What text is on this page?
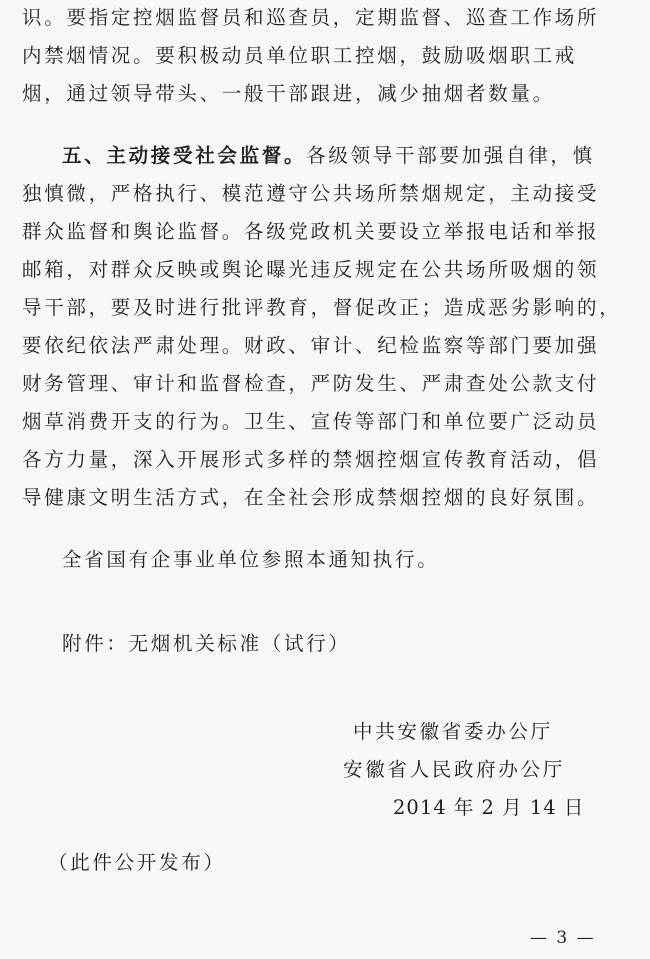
识。要指定控烟监督员和巡查员，定期监督、巡查工作场所
内禁烟情况。要积极动员单位职工控烟，鼓励吸烟职工戒
烟，通过领导带头、一般干部跟进，减少抽烟者数量。
五、主动接受社会监督。各级领导干部要加强自律，慎
独慎微，严格执行、模范遵守公共场所禁烟规定，主动接受
群众监督和舆论监督。各级党政机关要设立举报电话和举报
邮箱，对群众反映或舆论曝光违反规定在公共场所吸烟的领
导干部，要及时进行批评教育，督促改正；造成恶劣影响的，
要依纪依法严肃处理。财政、审计、纪检监察等部门要加强
财务管理、审计和监督检查，严防发生、严肃查处公款支付
烟草消费开支的行为。卫生、宣传等部门和单位要广泛动员
各方力量，深入开展形式多样的禁烟控烟宣传教育活动，倡
导健康文明生活方式，在全社会形成禁烟控烟的良好氛围。
全省国有企事业单位参照本通知执行。
附件：无烟机关标准（试行）
中共安徽省委办公厅
安徽省人民政府办公厅
2014 年 2 月 14 日
（此件公开发布）
— 3 —
